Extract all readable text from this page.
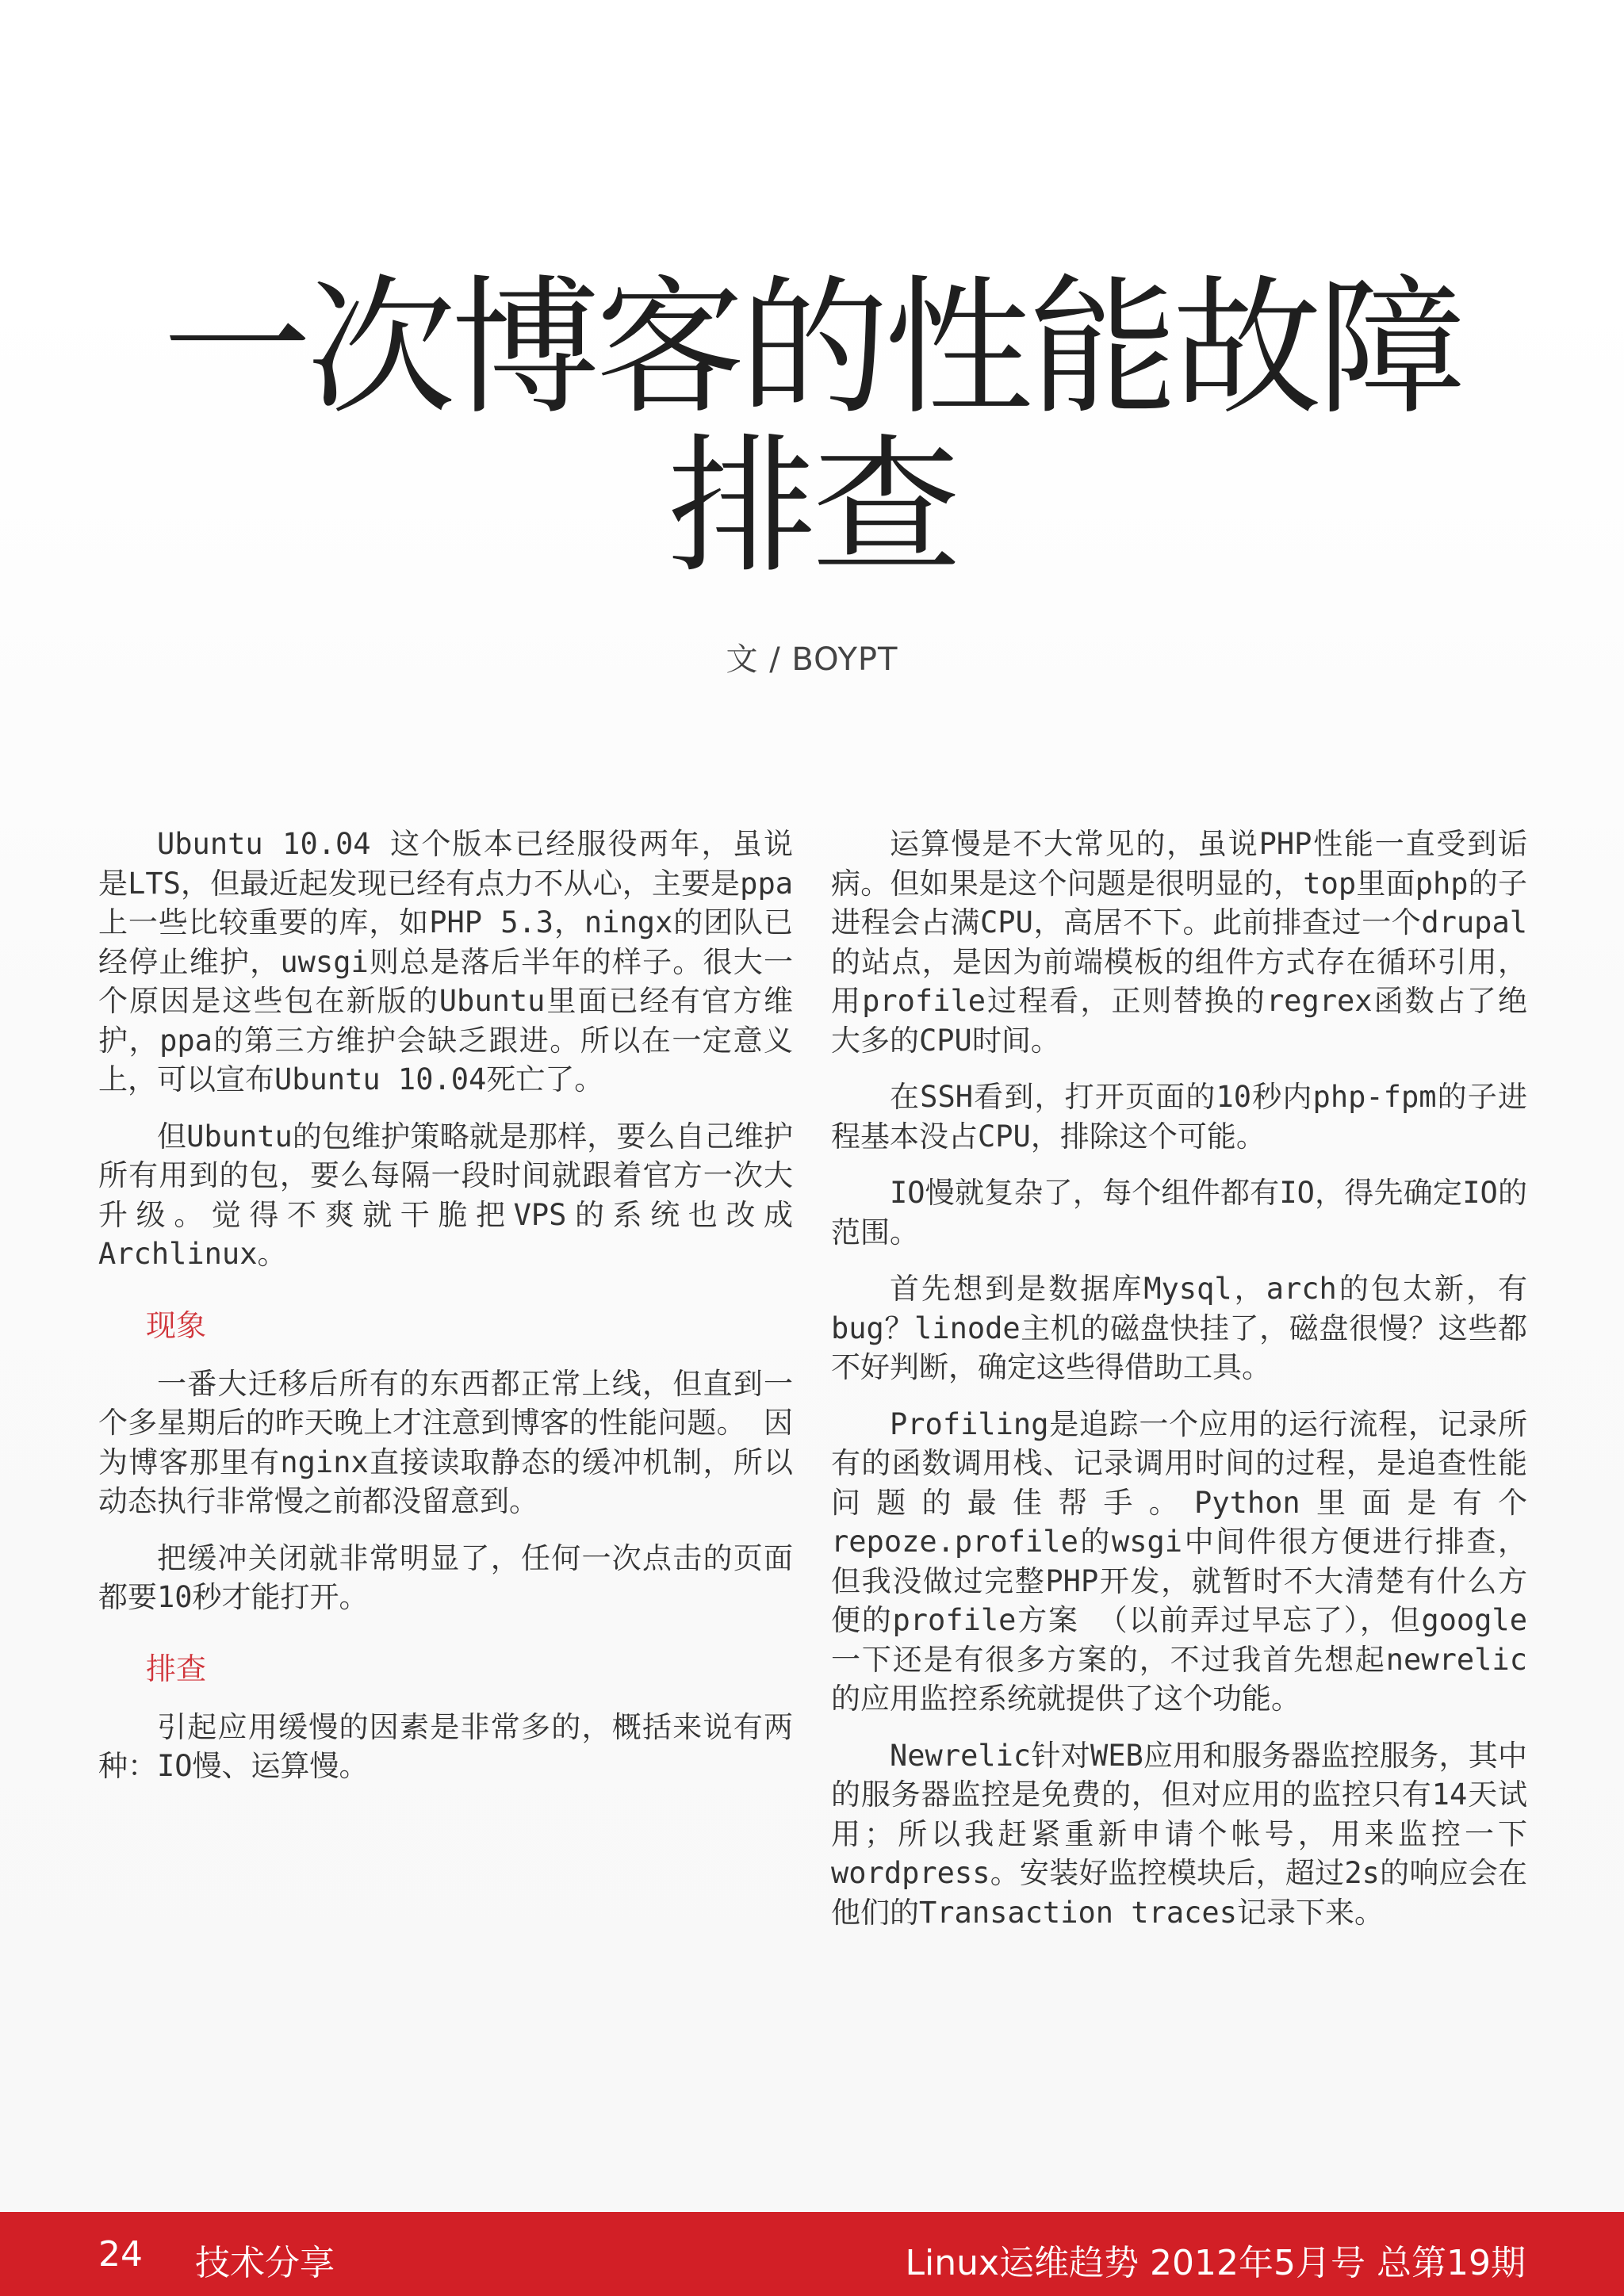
一次博客的性能故障
排查
文 / BOYPT

Ubuntu 10.04 这个版本已经服役两年，虽说是LTS，但最近起发现已经有点力不从心，主要是ppa上一些比较重要的库，如PHP 5.3，ningx的团队已经停止维护，uwsgi则总是落后半年的样子。很大一个原因是这些包在新版的Ubuntu里面已经有官方维护，ppa的第三方维护会缺乏跟进。所以在一定意义上，可以宣布Ubuntu 10.04死亡了。

但Ubuntu的包维护策略就是那样，要么自己维护所有用到的包，要么每隔一段时间就跟着官方一次大升级。觉得不爽就干脆把VPS的系统也改成Archlinux。

现象

一番大迁移后所有的东西都正常上线，但直到一个多星期后的昨天晚上才注意到博客的性能问题。 因为博客那里有nginx直接读取静态的缓冲机制，所以动态执行非常慢之前都没留意到。

把缓冲关闭就非常明显了，任何一次点击的页面都要10秒才能打开。

排查

引起应用缓慢的因素是非常多的，概括来说有两种：IO慢、运算慢。

运算慢是不大常见的，虽说PHP性能一直受到诟病。但如果是这个问题是很明显的，top里面php的子进程会占满CPU，高居不下。此前排查过一个drupal的站点，是因为前端模板的组件方式存在循环引用，用profile过程看，正则替换的regrex函数占了绝大多的CPU时间。

在SSH看到，打开页面的10秒内php-fpm的子进程基本没占CPU，排除这个可能。

IO慢就复杂了，每个组件都有IO，得先确定IO的范围。

首先想到是数据库Mysql，arch的包太新，有bug？linode主机的磁盘快挂了，磁盘很慢？这些都不好判断，确定这些得借助工具。

Profiling是追踪一个应用的运行流程，记录所有的函数调用栈、记录调用时间的过程，是追查性能问题的最佳帮手。Python里面是有个repoze.profile的wsgi中间件很方便进行排查，但我没做过完整PHP开发，就暂时不大清楚有什么方便的profile方案 （以前弄过早忘了），但google一下还是有很多方案的，不过我首先想起newrelic的应用监控系统就提供了这个功能。

Newrelic针对WEB应用和服务器监控服务，其中的服务器监控是免费的，但对应用的监控只有14天试用；所以我赶紧重新申请个帐号，用来监控一下wordpress。安装好监控模块后，超过2s的响应会在他们的Transaction traces记录下来。

24 技术分享	Linux运维趋势 2012年5月号 总第19期
